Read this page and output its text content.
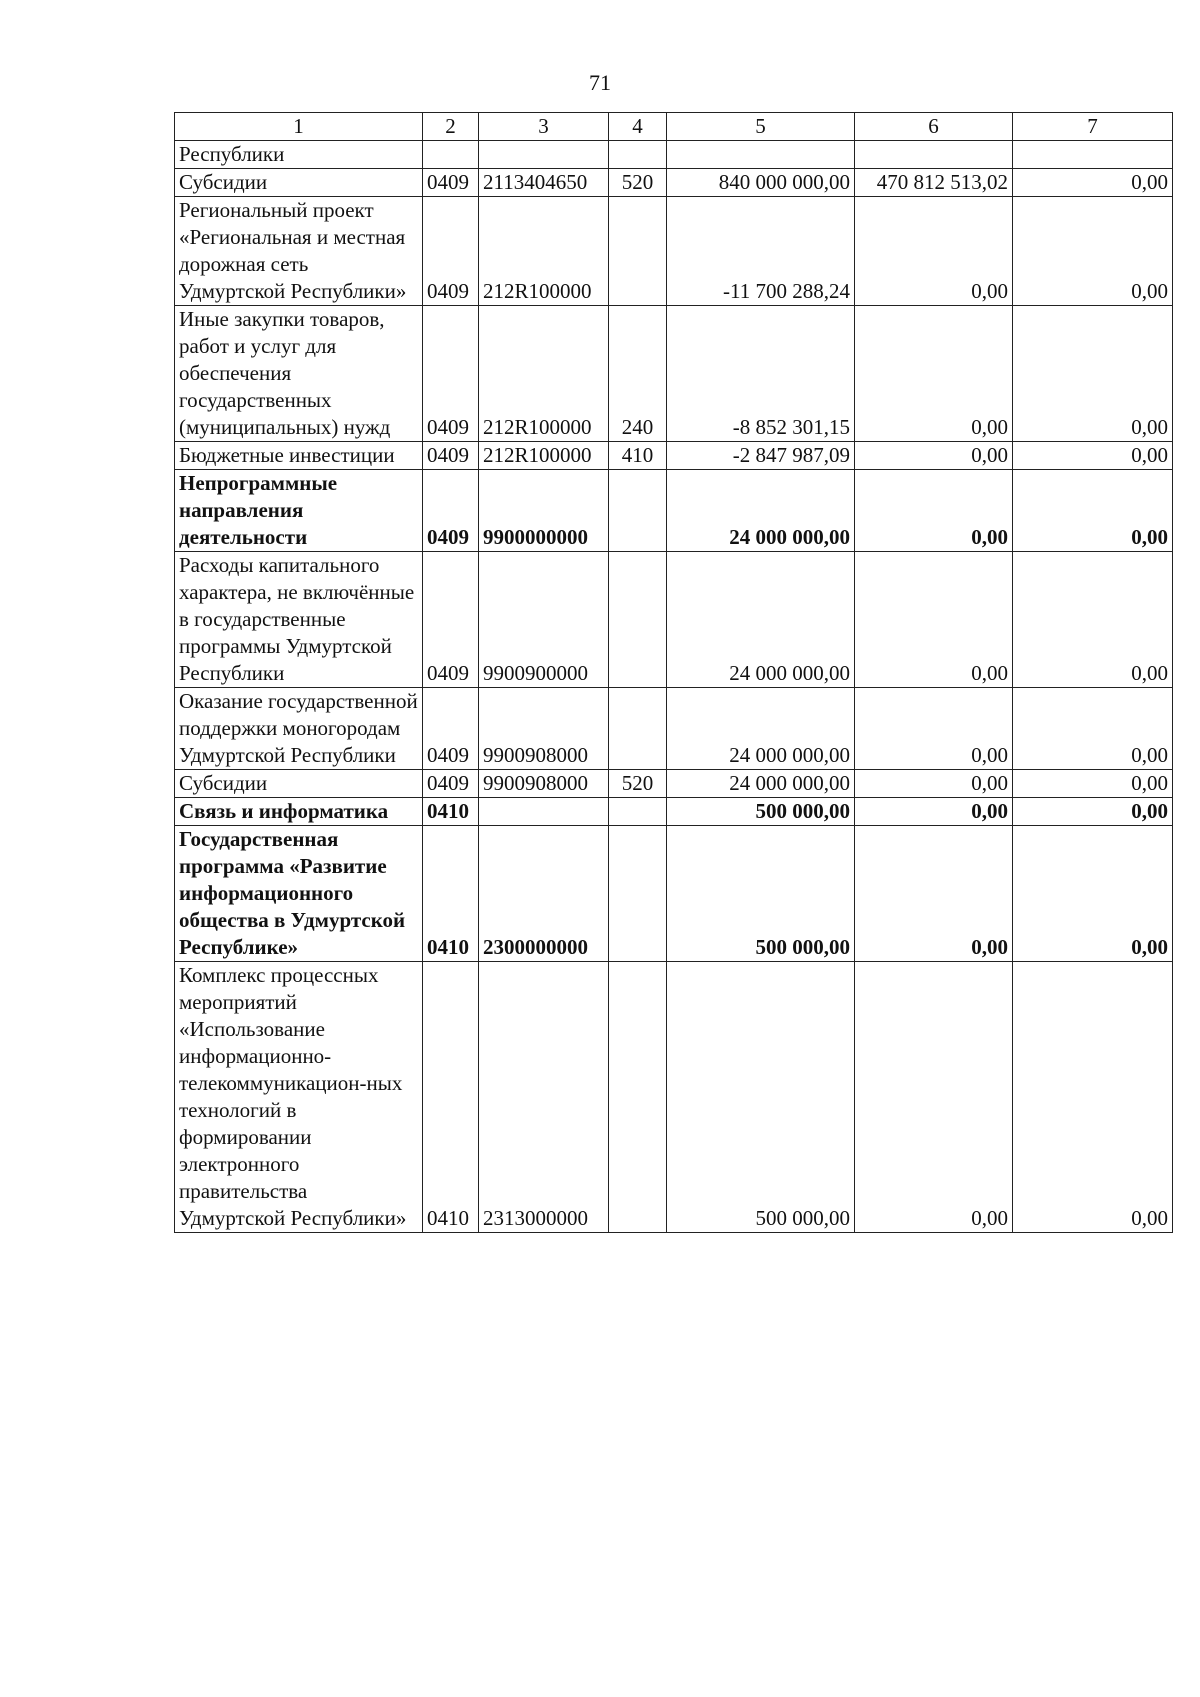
71
1	2	3	4	5	6	7
Республики						
Субсидии	0409	2113404650	520	840 000 000,00	470 812 513,02	0,00
Региональный проект «Региональная и местная дорожная сеть Удмуртской Республики»	0409	212R100000		-11 700 288,24	0,00	0,00
Иные закупки товаров, работ и услуг для обеспечения государственных (муниципальных) нужд	0409	212R100000	240	-8 852 301,15	0,00	0,00
Бюджетные инвестиции	0409	212R100000	410	-2 847 987,09	0,00	0,00
Непрограммные направления деятельности	0409	9900000000		24 000 000,00	0,00	0,00
Расходы капитального характера, не включённые в государственные программы Удмуртской Республики	0409	9900900000		24 000 000,00	0,00	0,00
Оказание государственной поддержки моногородам Удмуртской Республики	0409	9900908000		24 000 000,00	0,00	0,00
Субсидии	0409	9900908000	520	24 000 000,00	0,00	0,00
Связь и информатика	0410			500 000,00	0,00	0,00
Государственная программа «Развитие информационного общества в Удмуртской Республике»	0410	2300000000		500 000,00	0,00	0,00
Комплекс процессных мероприятий «Использование информационно-телекоммуникацион-ных технологий в формировании электронного правительства Удмуртской Республики»	0410	2313000000		500 000,00	0,00	0,00
